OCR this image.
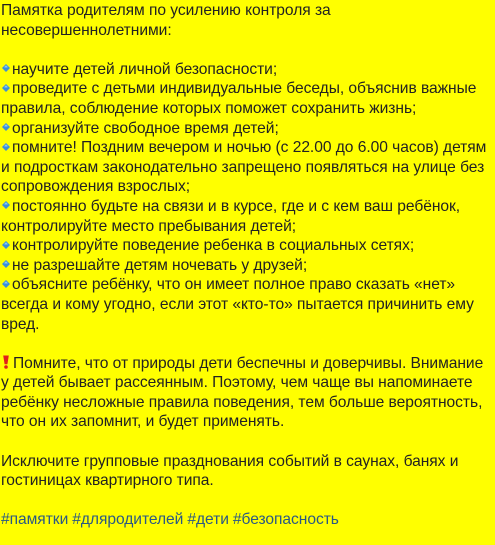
Памятка родителям по усилению контроля за несовершеннолетними:

научите детей личной безопасности;

проведите с детьми индивидуальные беседы, объяснив важные правила, соблюдение которых поможет сохранить жизнь;

организуйте свободное время детей;

помните! Поздним вечером и ночью (с 22.00 до 6.00 часов) детям и подросткам законодательно запрещено появляться на улице без сопровождения взрослых;

постоянно будьте на связи и в курсе, где и с кем ваш ребёнок, контролируйте место пребывания детей;

контролируйте поведение ребенка в социальных сетях;

не разрешайте детям ночевать у друзей;

объясните ребёнку, что он имеет полное право сказать «нет» всегда и кому угодно, если этот «кто-то» пытается причинить ему вред.

Помните, что от природы дети беспечны и доверчивы. Внимание у детей бывает рассеянным. Поэтому, чем чаще вы напоминаете ребёнку несложные правила поведения, тем больше вероятность, что он их запомнит, и будет применять.

Исключите групповые празднования событий в саунах, банях и гостиницах квартирного типа.

#памятки #дляродителей #дети #безопасность
